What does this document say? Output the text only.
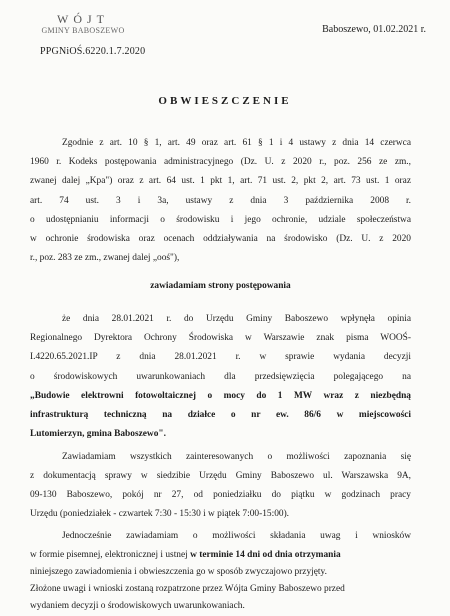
WÓJT
GMINY BABOSZEWO
PPGNiOŚ.6220.1.7.2020
Baboszewo, 01.02.2021 r.
OBWIESZCZENIE
Zgodnie z art. 10 § 1, art. 49 oraz art. 61 § 1 i 4 ustawy z dnia 14 czerwca
1960 r. Kodeks postępowania administracyjnego (Dz. U. z 2020 r., poz. 256 ze zm.,
zwanej dalej „Kpa") oraz z art. 64 ust. 1 pkt 1, art. 71 ust. 2, pkt 2, art. 73 ust. 1 oraz
art. 74 ust. 3 i 3a, ustawy z dnia 3 października 2008 r.
o udostępnianiu informacji o środowisku i jego ochronie, udziale społeczeństwa
w ochronie środowiska oraz ocenach oddziaływania na środowisko (Dz. U. z 2020
r., poz. 283 ze zm., zwanej dalej „ooś"),
zawiadamiam strony postępowania
że dnia 28.01.2021 r. do Urzędu Gminy Baboszewo wpłynęła opinia
Regionalnego Dyrektora Ochrony Środowiska w Warszawie znak pisma WOOŚ-
I.4220.65.2021.IP z dnia 28.01.2021 r. w sprawie wydania decyzji
o środowiskowych uwarunkowaniach dla przedsięwzięcia polegającego na
„Budowie elektrowni fotowoltaicznej o mocy do 1 MW wraz z niezbędną
infrastrukturą techniczną na działce o nr ew. 86/6 w miejscowości
Lutomierzyn, gmina Baboszewo".
Zawiadamiam wszystkich zainteresowanych o możliwości zapoznania się
z dokumentacją sprawy w siedzibie Urzędu Gminy Baboszewo ul. Warszawska 9A,
09-130 Baboszewo, pokój nr 27, od poniedziałku do piątku w godzinach pracy
Urzędu (poniedziałek - czwartek 7:30 - 15:30 i w piątek 7:00-15:00).
Jednocześnie zawiadamiam o możliwości składania uwag i wniosków
w formie pisemnej, elektronicznej i ustnej w terminie 14 dni od dnia otrzymania
niniejszego zawiadomienia i obwieszczenia go w sposób zwyczajowo przyjęty.
Złożone uwagi i wnioski zostaną rozpatrzone przez Wójta Gminy Baboszewo przed
wydaniem decyzji o środowiskowych uwarunkowaniach.
